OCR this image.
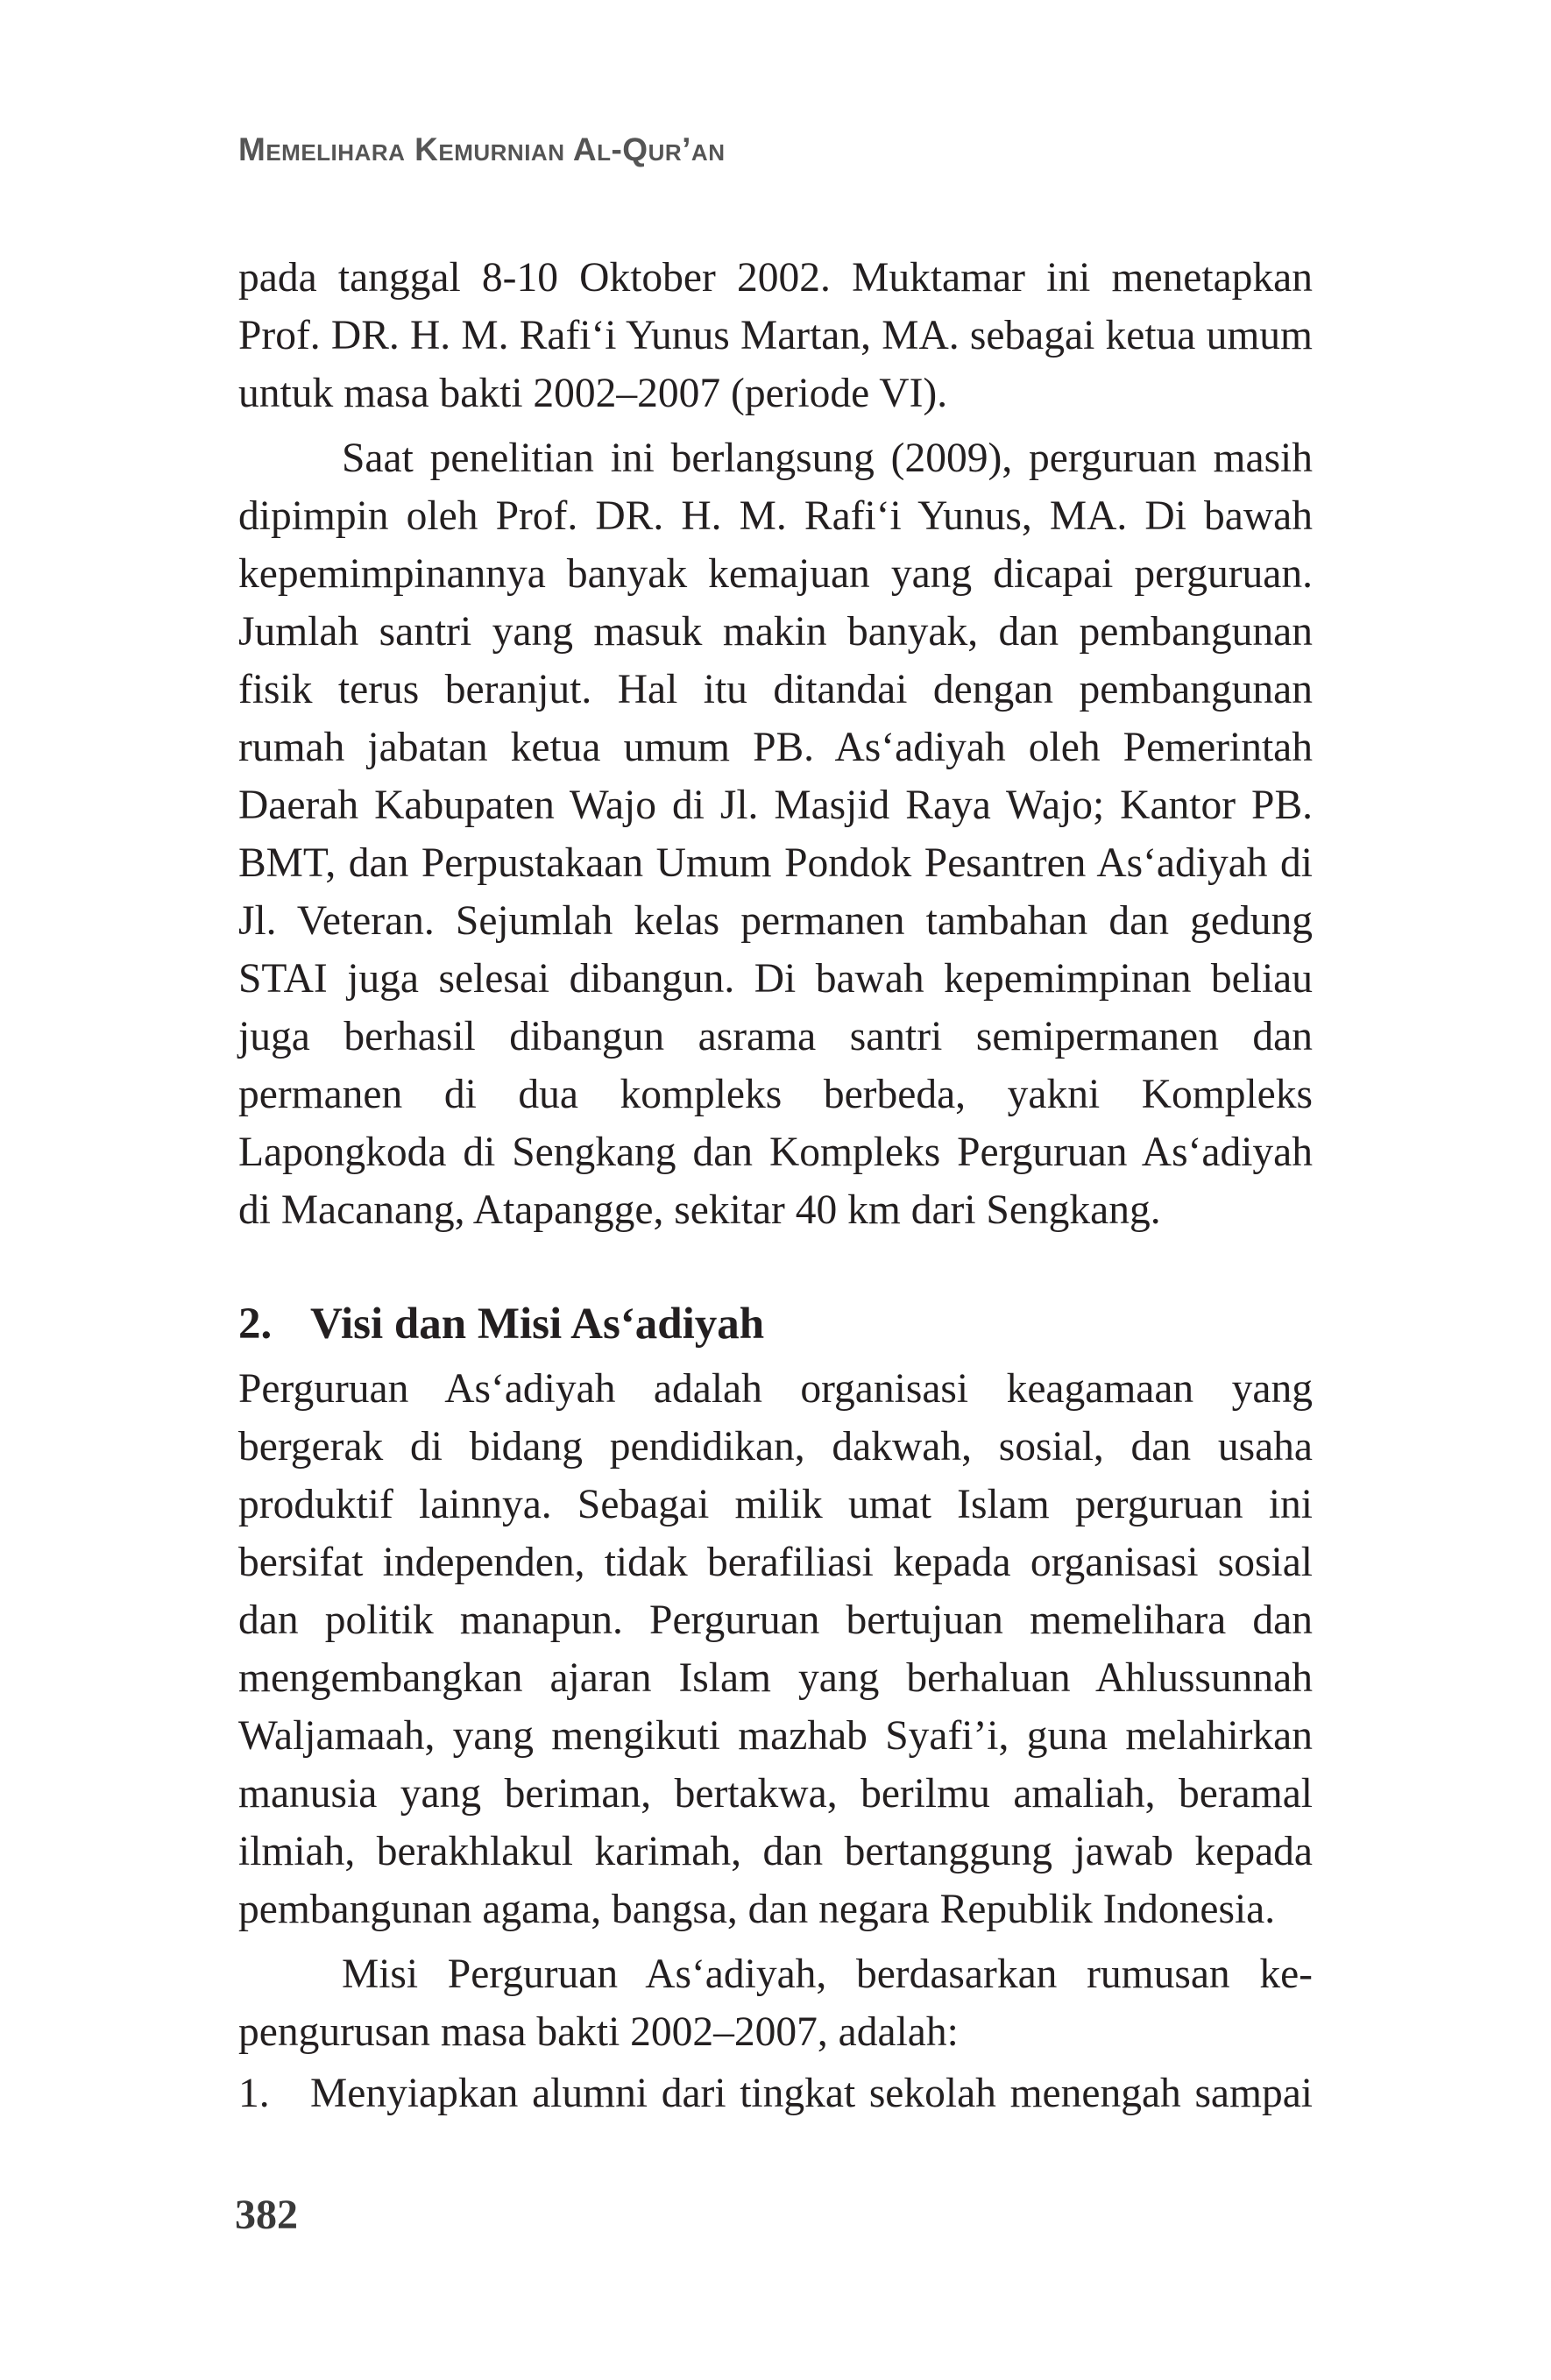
Memelihara Kemurnian Al-Qur’an

pada tanggal 8-10 Oktober 2002. Muktamar ini menetapkan Prof. DR. H. M. Rafi‘i Yunus Martan, MA. sebagai ketua umum untuk masa bakti 2002–2007 (periode VI).

Saat penelitian ini berlangsung (2009), perguruan masih dipimpin oleh Prof. DR. H. M. Rafi‘i Yunus, MA. Di bawah kepemimpinannya banyak kemajuan yang dicapai perguruan. Jumlah santri yang masuk makin banyak, dan pembangunan fisik terus beranjut. Hal itu ditandai dengan pembangunan rumah jabatan ketua umum PB. As‘adiyah oleh Pemerintah Daerah Kabupaten Wajo di Jl. Masjid Raya Wajo; Kantor PB. BMT, dan Perpustakaan Umum Pondok Pesantren As‘adiyah di Jl. Veteran. Sejumlah kelas permanen tambahan dan gedung STAI juga selesai dibangun. Di bawah kepemimpinan beliau juga berhasil dibangun asrama santri semipermanen dan permanen di dua kompleks berbeda, yakni Kompleks Lapongkoda di Sengkang dan Kompleks Perguruan As‘adiyah di Macanang, Atapangge, sekitar 40 km dari Sengkang.

2. Visi dan Misi As‘adiyah

Perguruan As‘adiyah adalah organisasi keagamaan yang bergerak di bidang pendidikan, dakwah, sosial, dan usaha produktif lainnya. Sebagai milik umat Islam perguruan ini bersifat independen, tidak berafiliasi kepada organisasi sosial dan politik manapun. Perguruan bertujuan memelihara dan mengembangkan ajaran Islam yang berhaluan Ahlussunnah Waljamaah, yang mengikuti mazhab Syafi’i, guna melahirkan manusia yang beriman, bertakwa, berilmu amaliah, beramal ilmiah, berakhlakul karimah, dan bertanggung jawab kepada pembangunan agama, bangsa, dan negara Republik Indonesia.

Misi Perguruan As‘adiyah, berdasarkan rumusan kepengurusan masa bakti 2002–2007, adalah:

1. Menyiapkan alumni dari tingkat sekolah menengah sampai
382
